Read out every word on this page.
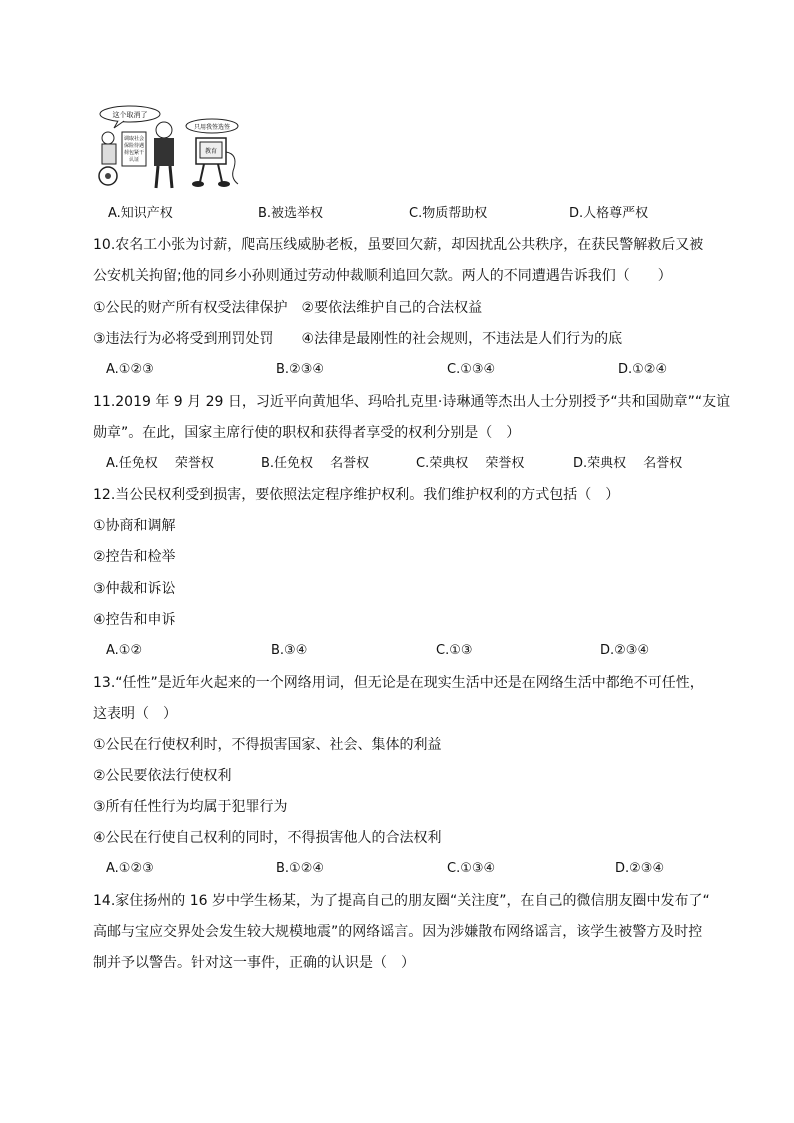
这个取消了
调取社会
保险待遇
荷包紧干
认证
只用我签选签
教育
A.知识产权	B.被选举权	C.物质帮助权	D.人格尊严权
10.农名工小张为讨薪，爬高压线威胁老板，虽要回欠薪，却因扰乱公共秩序，在获民警解救后又被
公安机关拘留;他的同乡小孙则通过劳动仲裁顺利追回欠款。两人的不同遭遇告诉我们（　　）
①公民的财产所有权受法律保护　②要依法维护自己的合法权益
③违法行为必将受到刑罚处罚　　④法律是最刚性的社会规则，不违法是人们行为的底
A.①②③	B.②③④	C.①③④	D.①②④
11.2019 年 9 月 29 日，习近平向黄旭华、玛哈扎克里·诗琳通等杰出人士分别授予“共和国勋章”“友谊
勋章”。在此，国家主席行使的职权和获得者享受的权利分别是（　）
A.任免权　 荣誉权	B.任免权　 名誉权	C.荣典权　 荣誉权	D.荣典权　 名誉权
12.当公民权利受到损害，要依照法定程序维护权利。我们维护权利的方式包括（　）
①协商和调解
②控告和检举
③仲裁和诉讼
④控告和申诉
A.①②	B.③④	C.①③	D.②③④
13.“任性”是近年火起来的一个网络用词，但无论是在现实生活中还是在网络生活中都绝不可任性，
这表明（　）
①公民在行使权利时，不得损害国家、社会、集体的利益
②公民要依法行使权利
③所有任性行为均属于犯罪行为
④公民在行使自己权利的同时，不得损害他人的合法权利
A.①②③	B.①②④	C.①③④	D.②③④
14.家住扬州的 16 岁中学生杨某，为了提高自己的朋友圈“关注度”，在自己的微信朋友圈中发布了“
高邮与宝应交界处会发生较大规模地震”的网络谣言。因为涉嫌散布网络谣言，该学生被警方及时控
制并予以警告。针对这一事件，正确的认识是（　）
